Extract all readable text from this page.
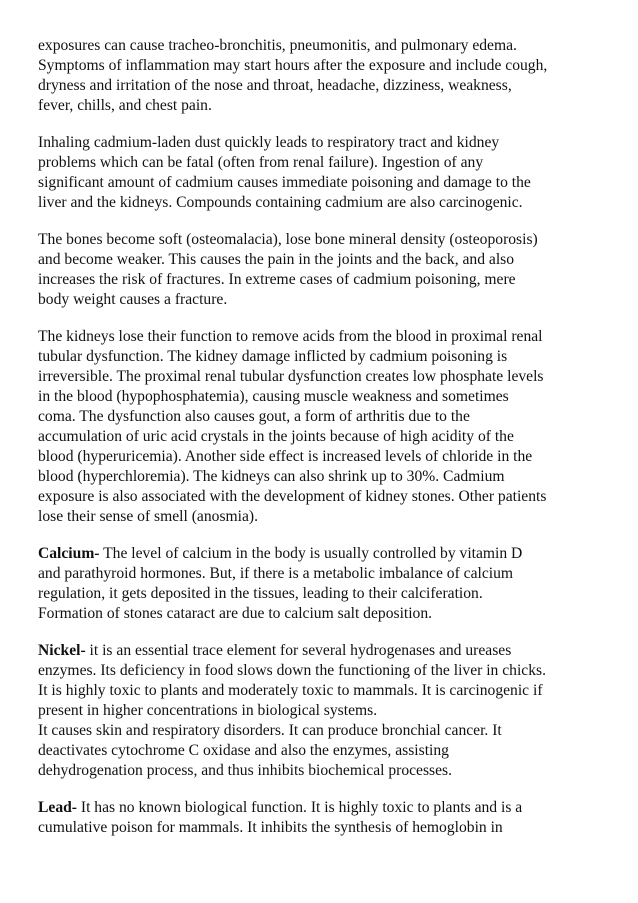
exposures can cause tracheo-bronchitis, pneumonitis, and pulmonary edema.
Symptoms of inflammation may start hours after the exposure and include cough,
dryness and irritation of the nose and throat, headache, dizziness, weakness,
fever, chills, and chest pain.

Inhaling cadmium-laden dust quickly leads to respiratory tract and kidney
problems which can be fatal (often from renal failure). Ingestion of any
significant amount of cadmium causes immediate poisoning and damage to the
liver and the kidneys. Compounds containing cadmium are also carcinogenic.

The bones become soft (osteomalacia), lose bone mineral density (osteoporosis)
and become weaker. This causes the pain in the joints and the back, and also
increases the risk of fractures. In extreme cases of cadmium poisoning, mere
body weight causes a fracture.

The kidneys lose their function to remove acids from the blood in proximal renal
tubular dysfunction. The kidney damage inflicted by cadmium poisoning is
irreversible. The proximal renal tubular dysfunction creates low phosphate levels
in the blood (hypophosphatemia), causing muscle weakness and sometimes
coma. The dysfunction also causes gout, a form of arthritis due to the
accumulation of uric acid crystals in the joints because of high acidity of the
blood (hyperuricemia). Another side effect is increased levels of chloride in the
blood (hyperchloremia). The kidneys can also shrink up to 30%. Cadmium
exposure is also associated with the development of kidney stones. Other patients
lose their sense of smell (anosmia).

Calcium- The level of calcium in the body is usually controlled by vitamin D
and parathyroid hormones. But, if there is a metabolic imbalance of calcium
regulation, it gets deposited in the tissues, leading to their calciferation.
Formation of stones cataract are due to calcium salt deposition.

Nickel- it is an essential trace element for several hydrogenases and ureases
enzymes. Its deficiency in food slows down the functioning of the liver in chicks.
It is highly toxic to plants and moderately toxic to mammals. It is carcinogenic if
present in higher concentrations in biological systems.
It causes skin and respiratory disorders. It can produce bronchial cancer. It
deactivates cytochrome C oxidase and also the enzymes, assisting
dehydrogenation process, and thus inhibits biochemical processes.

Lead- It has no known biological function. It is highly toxic to plants and is a
cumulative poison for mammals. It inhibits the synthesis of hemoglobin in
